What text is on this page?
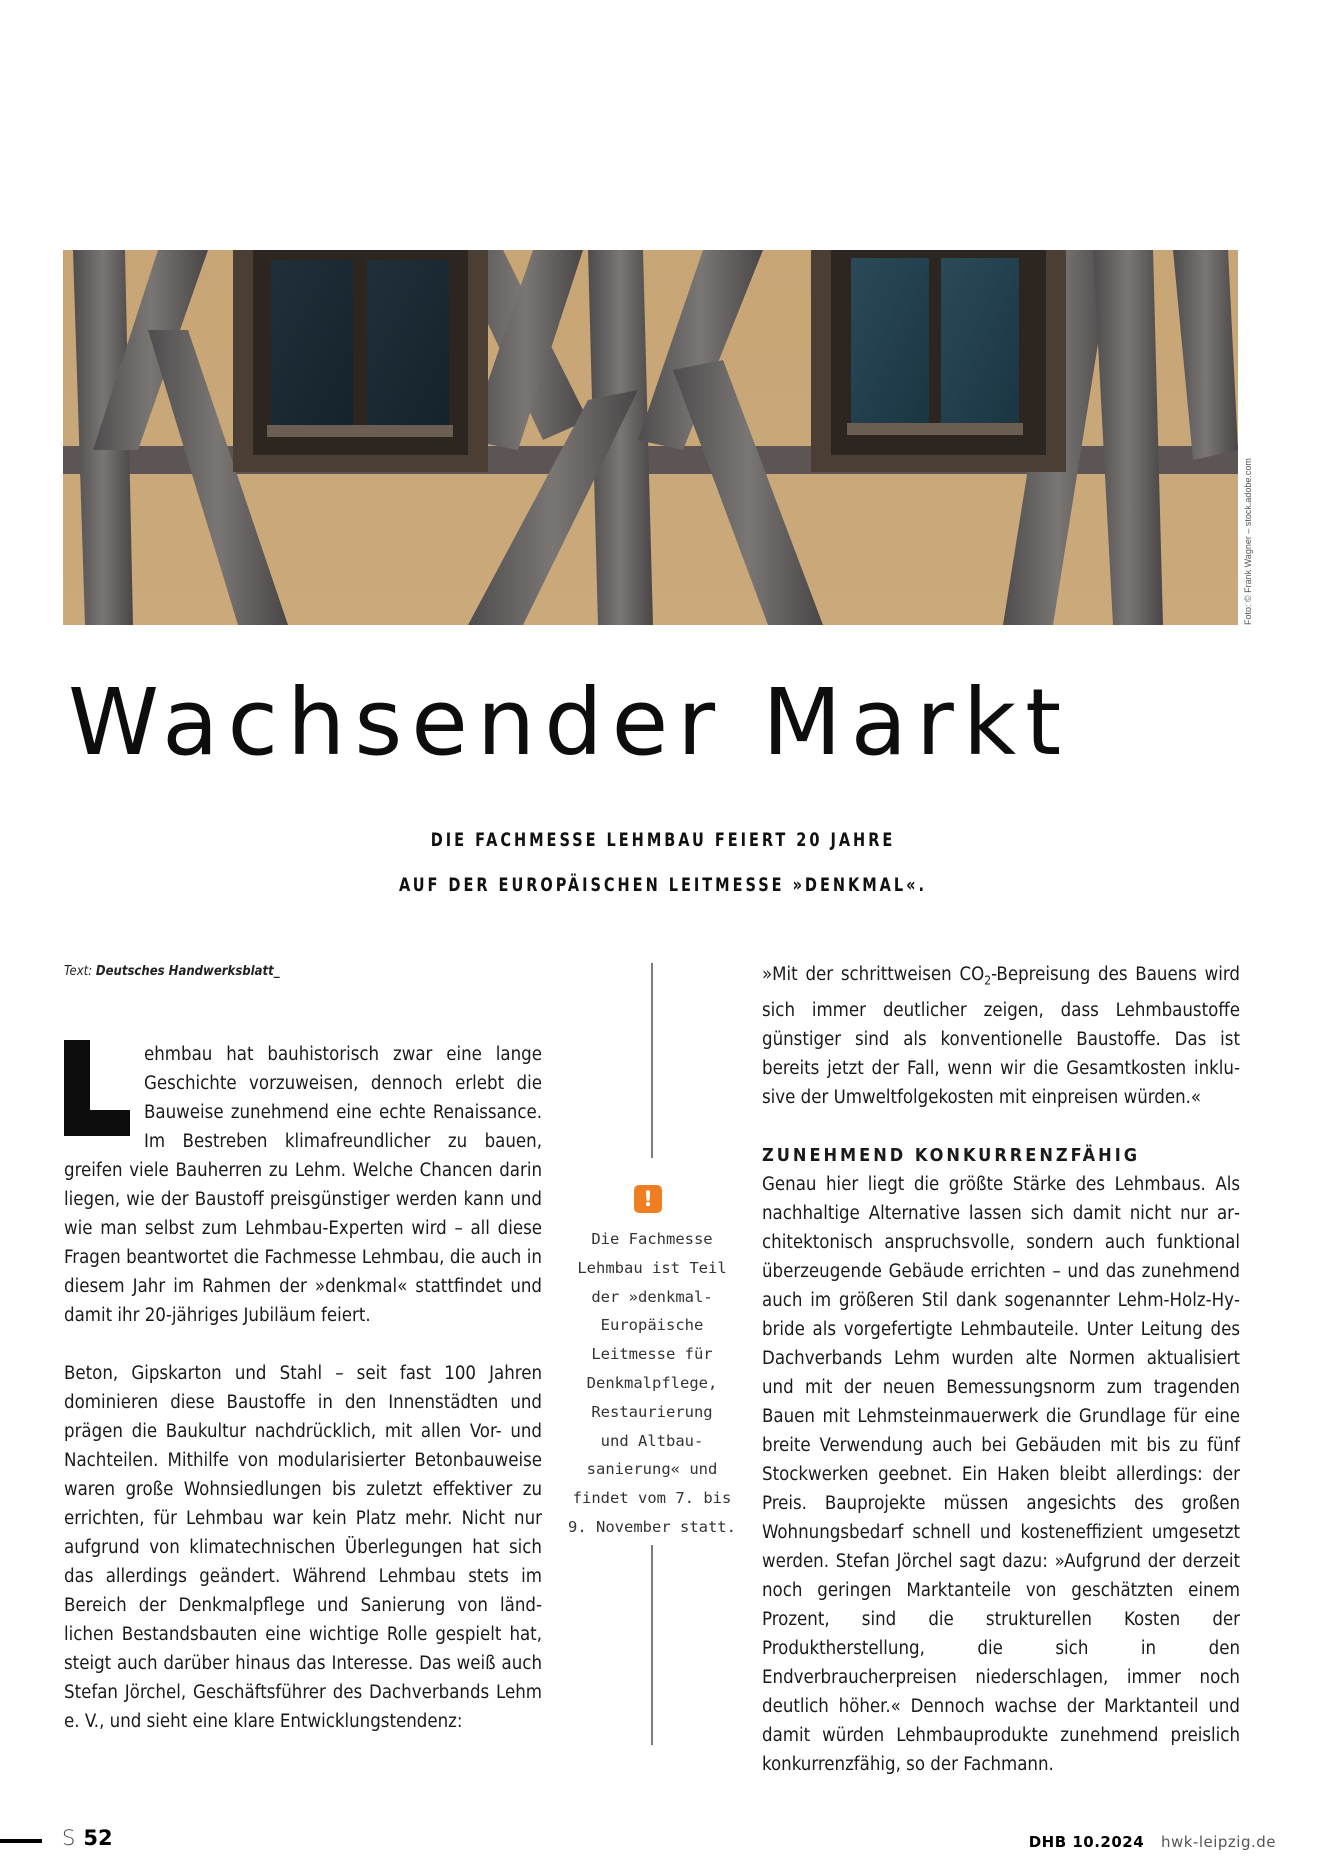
Foto: © Frank Wagner – stock.adobe.com
Wachsender Markt
DIE FACHMESSE LEHMBAU FEIERT 20 JAHRE
AUF DER EUROPÄISCHEN LEITMESSE »DENKMAL«.
Text: Deutsches Handwerksblatt_

ehmbau hat bauhistorisch zwar eine lange Geschichte vorzuweisen, dennoch erlebt die Bauweise zunehmend eine echte Renaissance. Im Bestreben klimafreundlicher zu bauen, greifen viele Bauherren zu Lehm. Welche Chancen darin liegen, wie der Baustoff preisgünstiger werden kann und wie man selbst zum Lehmbau-Experten wird – all diese Fragen beantwortet die Fachmesse Lehmbau, die auch in diesem Jahr im Rahmen der »denkmal« stattfindet und damit ihr 20-jähriges Jubiläum feiert.

Beton, Gipskarton und Stahl – seit fast 100 Jahren dominieren diese Baustoffe in den Innenstädten und prägen die Baukultur nachdrücklich, mit allen Vor- und Nachteilen. Mithilfe von modularisierter Betonbauweise waren große Wohnsiedlungen bis zuletzt effektiver zu errichten, für Lehmbau war kein Platz mehr. Nicht nur aufgrund von klimatechnischen Überlegungen hat sich das allerdings geändert. Während Lehmbau stets im Bereich der Denkmalpflege und Sanierung von ländlichen Bestandsbauten eine wichtige Rolle gespielt hat, steigt auch darüber hinaus das Interesse. Das weiß auch Stefan Jörchel, Geschäftsführer des Dachverbands Lehm e. V., und sieht eine klare Entwicklungstendenz:

!
Die Fachmesse
Lehmbau ist Teil
der »denkmal-
Europäische
Leitmesse für
Denkmalpflege,
Restaurierung
und Altbau-
sanierung« und
findet vom 7. bis
9. November statt.

»Mit der schrittweisen $CO_2$-Bepreisung des Bauens wird sich immer deutlicher zeigen, dass Lehmbaustoffe günstiger sind als konventionelle Baustoffe. Das ist bereits jetzt der Fall, wenn wir die Gesamtkosten inklusive der Umweltfolgekosten mit einpreisen würden.«

ZUNEHMEND KONKURRENZFÄHIG

Genau hier liegt die größte Stärke des Lehmbaus. Als nachhaltige Alternative lassen sich damit nicht nur architektonisch anspruchsvolle, sondern auch funktional überzeugende Gebäude errichten – und das zunehmend auch im größeren Stil dank sogenannter Lehm-Holz-Hybride als vorgefertigte Lehmbauteile. Unter Leitung des Dachverbands Lehm wurden alte Normen aktualisiert und mit der neuen Bemessungsnorm zum tragenden Bauen mit Lehmsteinmauerwerk die Grundlage für eine breite Verwendung auch bei Gebäuden mit bis zu fünf Stockwerken geebnet. Ein Haken bleibt allerdings: der Preis. Bauprojekte müssen angesichts des großen Wohnungsbedarf schnell und kosteneffizient umgesetzt werden. Stefan Jörchel sagt dazu: »Aufgrund der derzeit noch geringen Marktanteile von geschätzten einem Prozent, sind die strukturellen Kosten der Produktherstellung, die sich in den Endverbraucherpreisen niederschlagen, immer noch deutlich höher.« Dennoch wachse der Marktanteil und damit würden Lehmbauprodukte zunehmend preislich konkurrenzfähig, so der Fachmann.

S 52	DHB 10.2024 hwk-leipzig.de
